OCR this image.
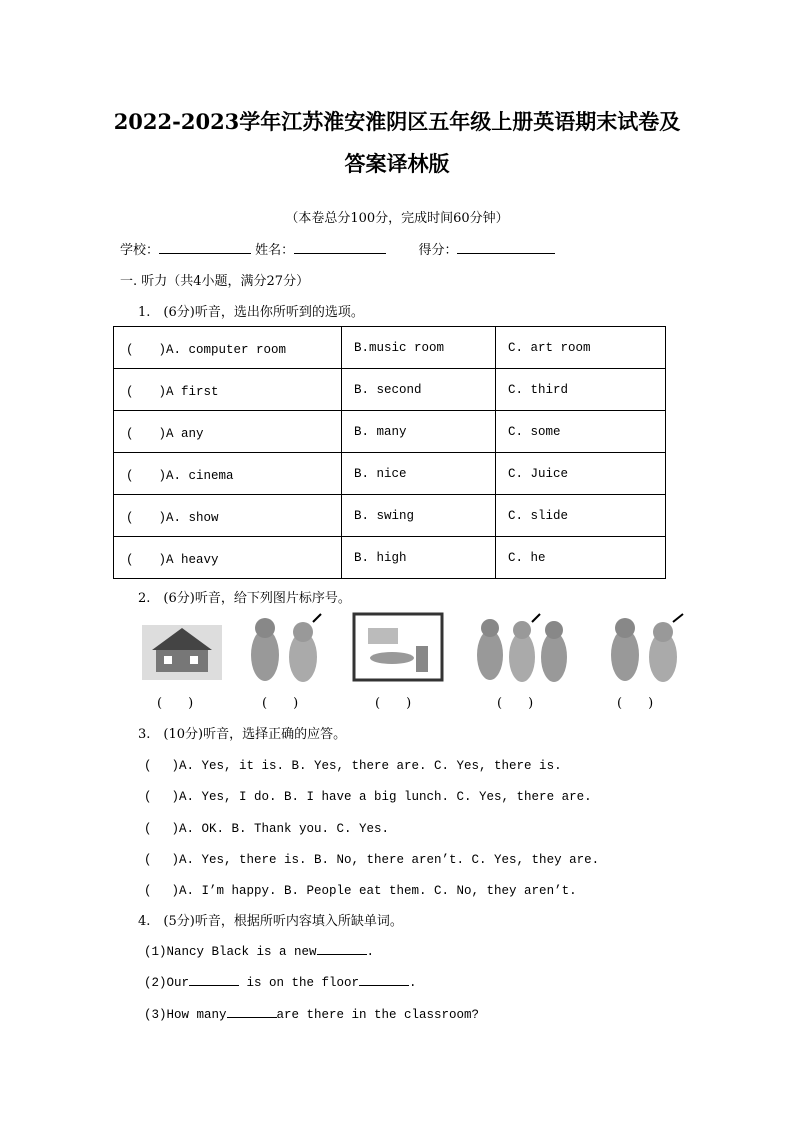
2022-2023学年江苏淮安淮阴区五年级上册英语期末试卷及
答案译林版
（本卷总分100分，完成时间60分钟）
学校：	姓名：	得分：
一. 听力（共4小题，满分27分）
1.　(6分)听音，选出你所听到的选项。
(　　)A. computer room	B.music room	C. art room
(　　)A first	B. second	C. third
(　　)A any	B. many	C. some
(　　)A. cinema	B. nice	C. Juice
(　　)A. show	B. swing	C. slide
(　　)A heavy	B. high	C. he
2.　(6分)听音，给下列图片标序号。
(　　)	(　　)	(　　)	(　　)	(　　)
3.　(10分)听音，选择正确的应答。
(　 )A. Yes, it is. B. Yes, there are. C. Yes, there is.
(　 )A. Yes, I do. B. I have a big lunch. C. Yes, there are.
(　 )A. OK. B. Thank you. C. Yes.
(　 )A. Yes, there is. B. No, there aren’t. C. Yes, they are.
(　 )A. I’m happy. B. People eat them. C. No, they aren’t.
4.　(5分)听音，根据所听内容填入所缺单词。
(1)Nancy Black is a new	.
(2)Our	is on the floor	.
(3)How many	are there in the classroom?
